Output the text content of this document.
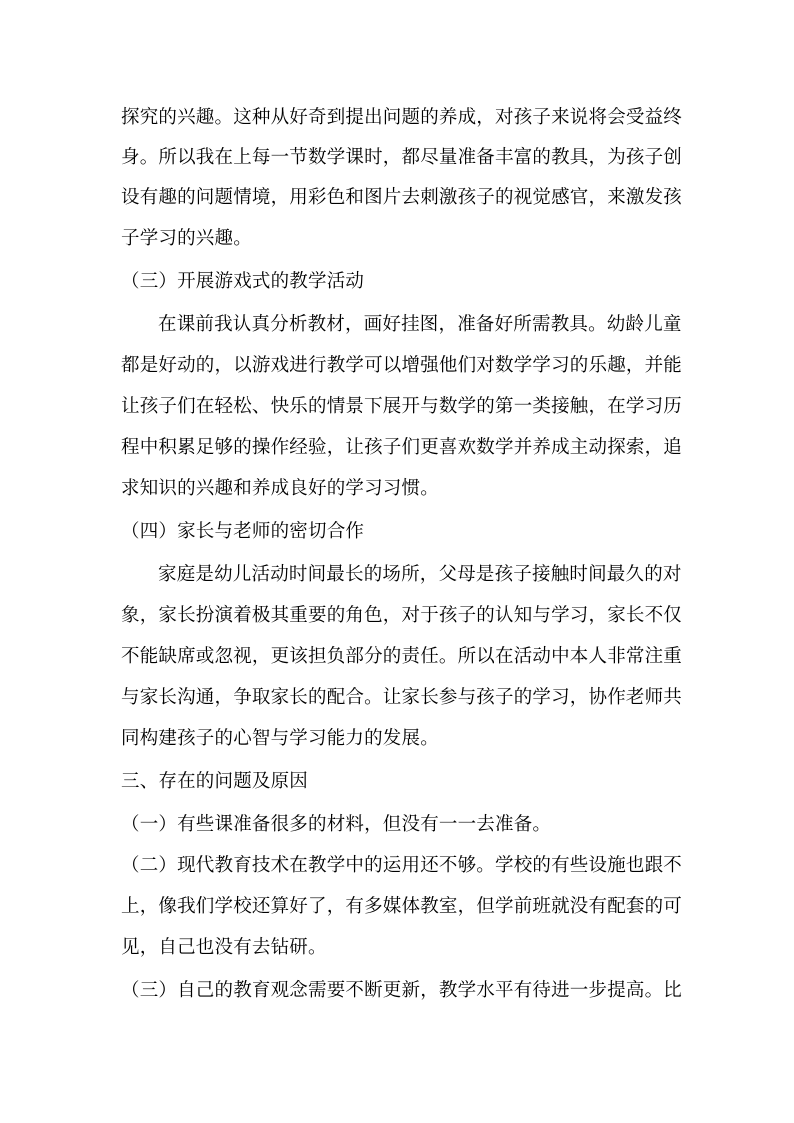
探究的兴趣。这种从好奇到提出问题的养成，对孩子来说将会受益终
身。所以我在上每一节数学课时，都尽量准备丰富的教具，为孩子创
设有趣的问题情境，用彩色和图片去刺激孩子的视觉感官，来激发孩
子学习的兴趣。
（三）开展游戏式的教学活动
在课前我认真分析教材，画好挂图，准备好所需教具。幼龄儿童
都是好动的，以游戏进行教学可以增强他们对数学学习的乐趣，并能
让孩子们在轻松、快乐的情景下展开与数学的第一类接触，在学习历
程中积累足够的操作经验，让孩子们更喜欢数学并养成主动探索，追
求知识的兴趣和养成良好的学习习惯。
（四）家长与老师的密切合作
家庭是幼儿活动时间最长的场所，父母是孩子接触时间最久的对
象，家长扮演着极其重要的角色，对于孩子的认知与学习，家长不仅
不能缺席或忽视，更该担负部分的责任。所以在活动中本人非常注重
与家长沟通，争取家长的配合。让家长参与孩子的学习，协作老师共
同构建孩子的心智与学习能力的发展。
三、存在的问题及原因
（一）有些课准备很多的材料，但没有一一去准备。
（二）现代教育技术在教学中的运用还不够。学校的有些设施也跟不
上，像我们学校还算好了，有多媒体教室，但学前班就没有配套的可
见，自己也没有去钻研。
（三）自己的教育观念需要不断更新，教学水平有待进一步提高。比
